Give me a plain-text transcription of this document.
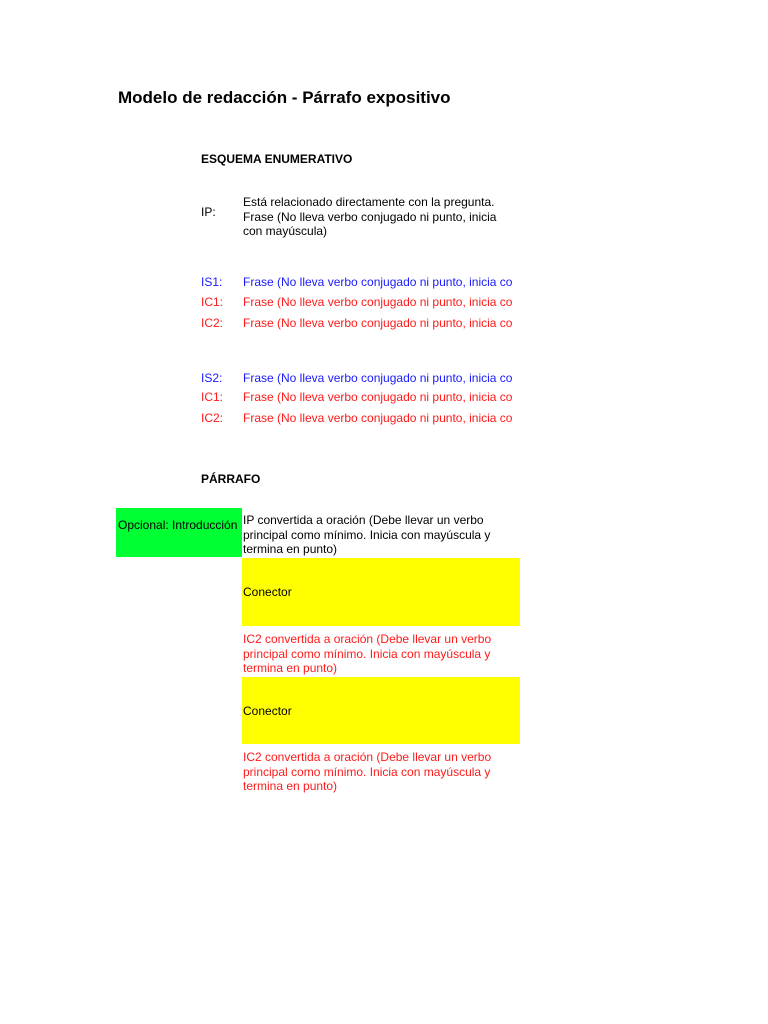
Modelo de redacción - Párrafo expositivo
ESQUEMA ENUMERATIVO
IP:
Está relacionado directamente con la pregunta. Frase (No lleva verbo conjugado ni punto, inicia con mayúscula)
IS1: Frase (No lleva verbo conjugado ni punto, inicia co
IC1: Frase (No lleva verbo conjugado ni punto, inicia co
IC2: Frase (No lleva verbo conjugado ni punto, inicia co
IS2: Frase (No lleva verbo conjugado ni punto, inicia co
IC1: Frase (No lleva verbo conjugado ni punto, inicia co
IC2: Frase (No lleva verbo conjugado ni punto, inicia co
PÁRRAFO
Opcional: Introducción IP convertida a oración (Debe llevar un verbo principal como mínimo. Inicia con mayúscula y termina en punto)
Conector
IC2 convertida a oración (Debe llevar un verbo principal como mínimo. Inicia con mayúscula y termina en punto)
Conector
IC2 convertida a oración (Debe llevar un verbo principal como mínimo. Inicia con mayúscula y termina en punto)
